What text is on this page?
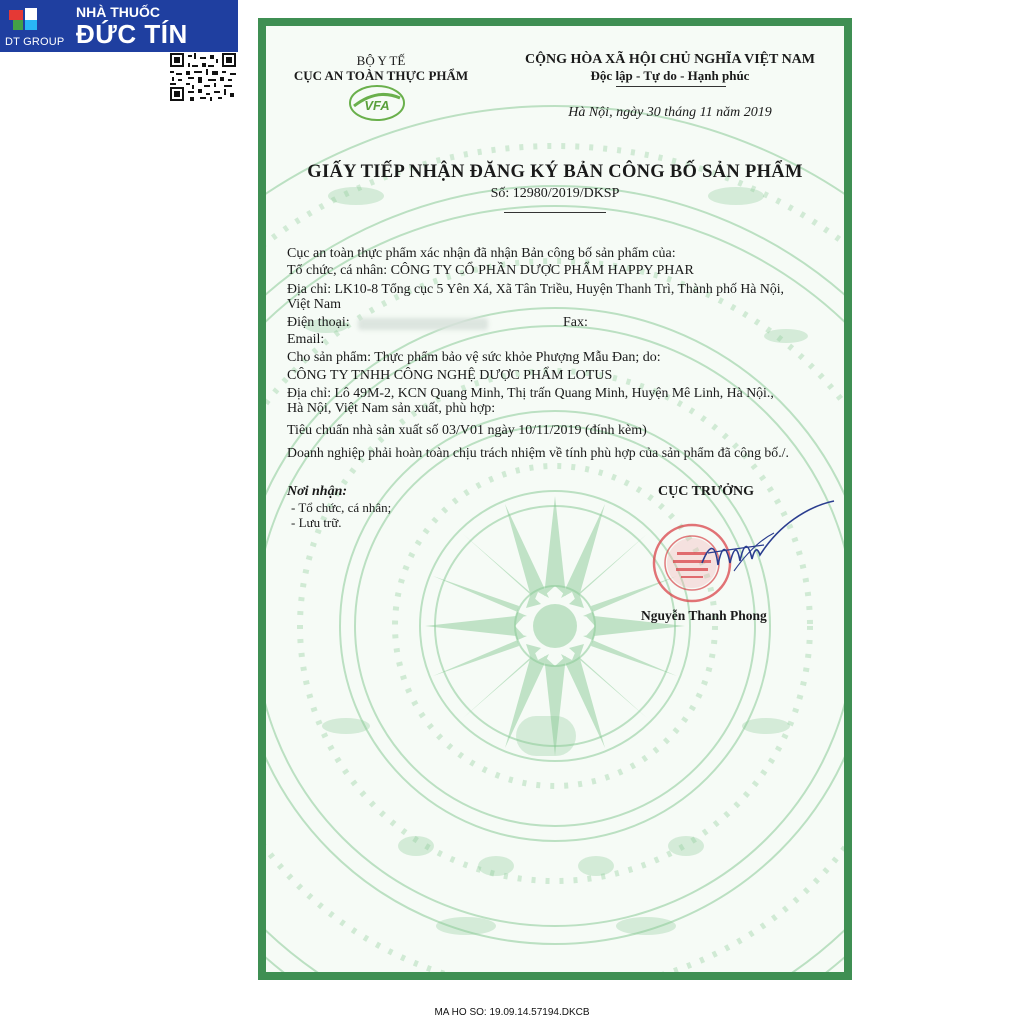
DT GROUP
NHÀ THUỐC
ĐỨC TÍN
BỘ Y TẾ
CỤC AN TOÀN THỰC PHẨM
VFA
CỘNG HÒA XÃ HỘI CHỦ NGHĨA VIỆT NAM
Độc lập - Tự do - Hạnh phúc
Hà Nội, ngày 30 tháng 11 năm 2019
GIẤY TIẾP NHẬN ĐĂNG KÝ BẢN CÔNG BỐ SẢN PHẨM
Số: 12980/2019/DKSP
Cục an toàn thực phẩm xác nhận đã nhận Bản công bố sản phẩm của:
Tổ chức, cá nhân: CÔNG TY CỔ PHẦN DƯỢC PHẨM HAPPY PHAR
Địa chỉ: LK10-8 Tổng cục 5 Yên Xá, Xã Tân Triều, Huyện Thanh Trì, Thành phố Hà Nội,
Việt Nam
Điện thoại:	Fax:
Email:
Cho sản phẩm: Thực phẩm bảo vệ sức khỏe Phượng Mẫu Đan; do:
CÔNG TY TNHH CÔNG NGHỆ DƯỢC PHẨM LOTUS
Địa chỉ: Lô 49M-2, KCN Quang Minh, Thị trấn Quang Minh, Huyện Mê Linh, Hà Nội.,
Hà Nội, Việt Nam sản xuất, phù hợp:
Tiêu chuẩn nhà sản xuất số 03/V01 ngày 10/11/2019 (đính kèm)
Doanh nghiệp phải hoàn toàn chịu trách nhiệm về tính phù hợp của sản phẩm đã công bố./.
Nơi nhận:
- Tổ chức, cá nhân;
- Lưu trữ.
CỤC TRƯỞNG
Nguyễn Thanh Phong
MA HO SO: 19.09.14.57194.DKCB
